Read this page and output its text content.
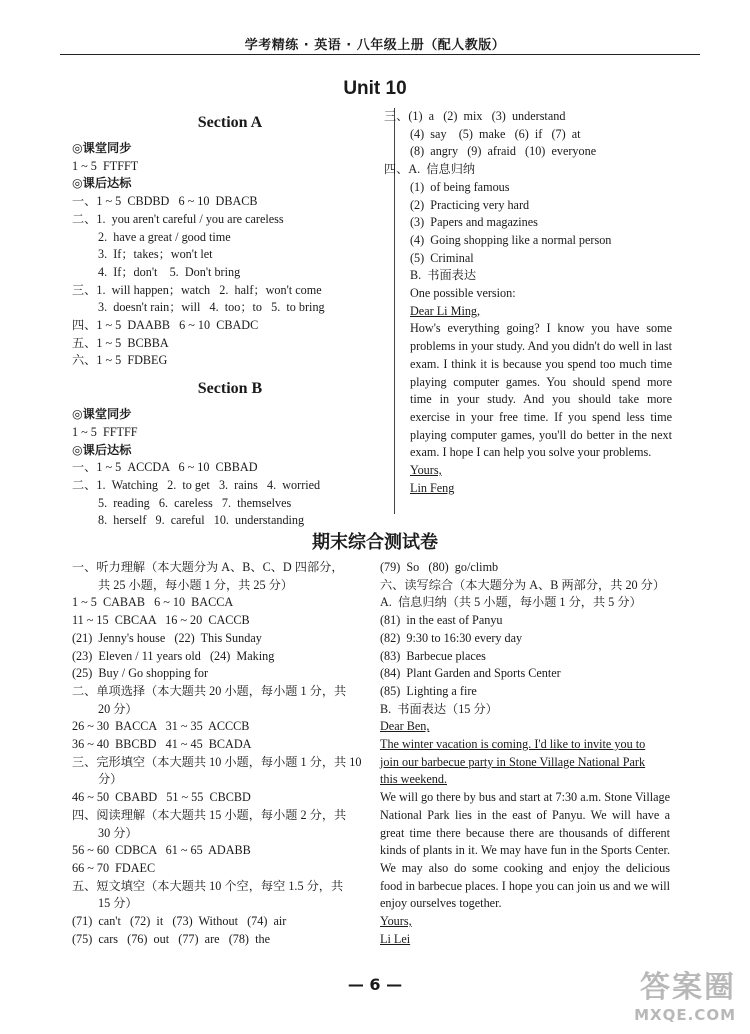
学考精练 · 英语 · 八年级上册（配人教版）
Unit 10
Section A
◎课堂同步
1 ~ 5  FTFFT
◎课后达标
一、1 ~ 5  CBDBD   6 ~ 10  DBACB
二、1.  you aren't careful / you are careless
2.  have a great / good time
3.  If；takes；won't let
4.  If；don't    5.  Don't bring
三、1.  will happen；watch   2.  half；won't come
3.  doesn't rain；will   4.  too；to   5.  to bring
四、1 ~ 5  DAABB   6 ~ 10  CBADC
五、1 ~ 5  BCBBA
六、1 ~ 5  FDBEG
Section B
◎课堂同步
1 ~ 5  FFTFF
◎课后达标
一、1 ~ 5  ACCDA   6 ~ 10  CBBAD
二、1.  Watching   2.  to get   3.  rains   4.  worried
5.  reading   6.  careless   7.  themselves
8.  herself   9.  careful   10.  understanding
三、(1)  a   (2)  mix   (3)  understand
(4)  say    (5)  make   (6)  if   (7)  at
(8)  angry   (9)  afraid   (10)  everyone
四、A.  信息归纳
(1)  of being famous
(2)  Practicing very hard
(3)  Papers and magazines
(4)  Going shopping like a normal person
(5)  Criminal
B.  书面表达
One possible version:
Dear Li Ming,
How's everything going? I know you have some problems in your study. And you didn't do well in last exam. I think it is because you spend too much time playing computer games. You should spend more time in your study. And you should take more exercise in your free time. If you spend less time playing computer games, you'll do better in the next exam. I hope I can help you solve your problems.
Yours,
Lin Feng
期末综合测试卷
一、听力理解（本大题分为 A、B、C、D 四部分，
共 25 小题，每小题 1 分，共 25 分）
1 ~ 5  CABAB   6 ~ 10  BACCA
11 ~ 15  CBCAA   16 ~ 20  CACCB
(21)  Jenny's house   (22)  This Sunday
(23)  Eleven / 11 years old   (24)  Making
(25)  Buy / Go shopping for
二、单项选择（本大题共 20 小题，每小题 1 分，共
20 分）
26 ~ 30  BACCA   31 ~ 35  ACCCB
36 ~ 40  BBCBD   41 ~ 45  BCADA
三、完形填空（本大题共 10 小题，每小题 1 分，共 10
分）
46 ~ 50  CBABD   51 ~ 55  CBCBD
四、阅读理解（本大题共 15 小题，每小题 2 分，共
30 分）
56 ~ 60  CDBCA   61 ~ 65  ADABB
66 ~ 70  FDAEC
五、短文填空（本大题共 10 个空，每空 1.5 分，共
15 分）
(71)  can't   (72)  it   (73)  Without   (74)  air
(75)  cars   (76)  out   (77)  are   (78)  the
(79)  So   (80)  go/climb
六、读写综合（本大题分为 A、B 两部分，共 20 分）
A.  信息归纳（共 5 小题，每小题 1 分，共 5 分）
(81)  in the east of Panyu
(82)  9:30 to 16:30 every day
(83)  Barbecue places
(84)  Plant Garden and Sports Center
(85)  Lighting a fire
B.  书面表达（15 分）
Dear Ben,
The winter vacation is coming. I'd like to invite you to
join our barbecue party in Stone Village National Park
this weekend.
We will go there by bus and start at 7:30 a.m. Stone Village National Park lies in the east of Panyu. We will have a great time there because there are thousands of different kinds of plants in it. We may have fun in the Sports Center. We may also do some cooking and enjoy the delicious food in barbecue places. I hope you can join us and we will enjoy ourselves together.
Yours,
Li Lei
— 6 —	答案圈
MXQE.COM
